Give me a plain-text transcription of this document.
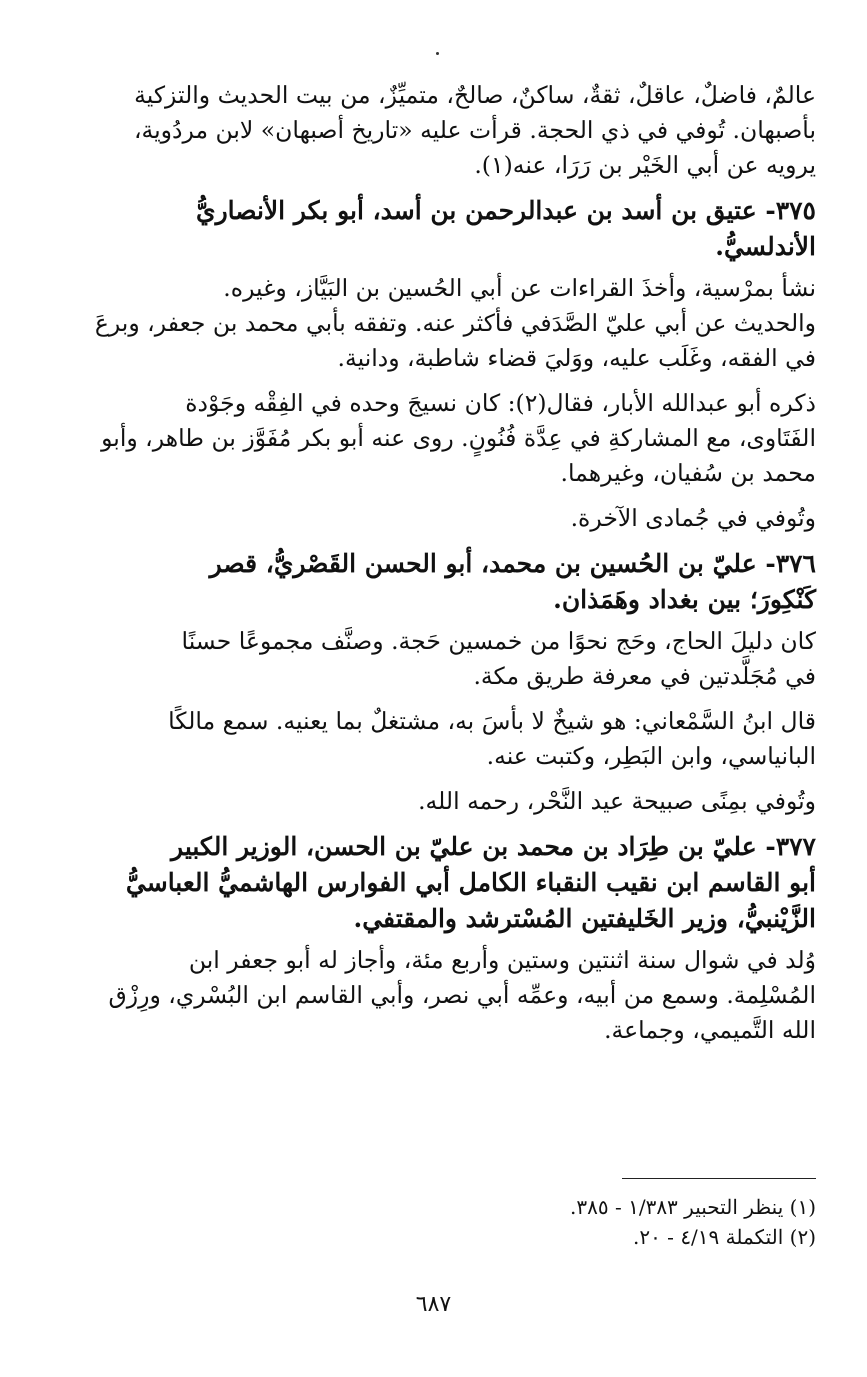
عالمٌ، فاضلٌ، عاقلٌ، ثقةٌ، ساكنٌ، صالحٌ، متميِّزٌ، من بيت الحديث والتزكية

بأصبهان. تُوفي في ذي الحجة. قرأت عليه «تاريخ أصبهان» لابن مردُوية،

يرويه عن أبي الخَيْر بن رَرَا، عنه(١).

٣٧٥- عتيق بن أسد بن عبدالرحمن بن أسد، أبو بكر الأنصاريُّ
الأندلسيُّ.

نشأ بمرْسية، وأخذَ القراءات عن أبي الحُسين بن البَيَّاز، وغيره.

والحديث عن أبي عليّ الصَّدَفي فأكثر عنه. وتفقه بأبي محمد بن جعفر، وبرعَ

في الفقه، وغَلَب عليه، ووَليَ قضاء شاطبة، ودانية.

ذكره أبو عبدالله الأبار، فقال(٢): كان نسيجَ وحده في الفِقْه وجَوْدة

الفَتَاوى، مع المشاركةِ في عِدَّة فُنُونٍ. روى عنه أبو بكر مُفَوَّز بن طاهر، وأبو

محمد بن سُفيان، وغيرهما.

وتُوفي في جُمادى الآخرة.

٣٧٦- عليّ بن الحُسين بن محمد، أبو الحسن القَصْريُّ، قصر
كَنْكِورَ؛ بين بغداد وهَمَذان.

كان دليلَ الحاج، وحَج نحوًا من خمسين حَجة. وصنَّف مجموعًا حسنًا

في مُجَلَّدتين في معرفة طريق مكة.

قال ابنُ السَّمْعاني: هو شيخٌ لا بأسَ به، مشتغلٌ بما يعنيه. سمع مالكًا

البانياسي، وابن البَطِر، وكتبت عنه.

وتُوفي بمِنًى صبيحة عيد النَّحْر، رحمه الله.

٣٧٧- عليّ بن طِرَاد بن محمد بن عليّ بن الحسن، الوزير الكبير
أبو القاسم ابن نقيب النقباء الكامل أبي الفوارس الهاشميُّ العباسيُّ
الزَّيْنبيُّ، وزير الخَليفتين المُسْترشد والمقتفي.

وُلد في شوال سنة اثنتين وستين وأربع مئة، وأجاز له أبو جعفر ابن

المُسْلِمة. وسمع من أبيه، وعمِّه أبي نصر، وأبي القاسم ابن البُسْري، ورِزْق

الله التَّميمي، وجماعة.

(١) ينظر التحبير ١/٣٨٣ - ٣٨٥.
(٢) التكملة ٤/١٩ - ٢٠.
٦٨٧
